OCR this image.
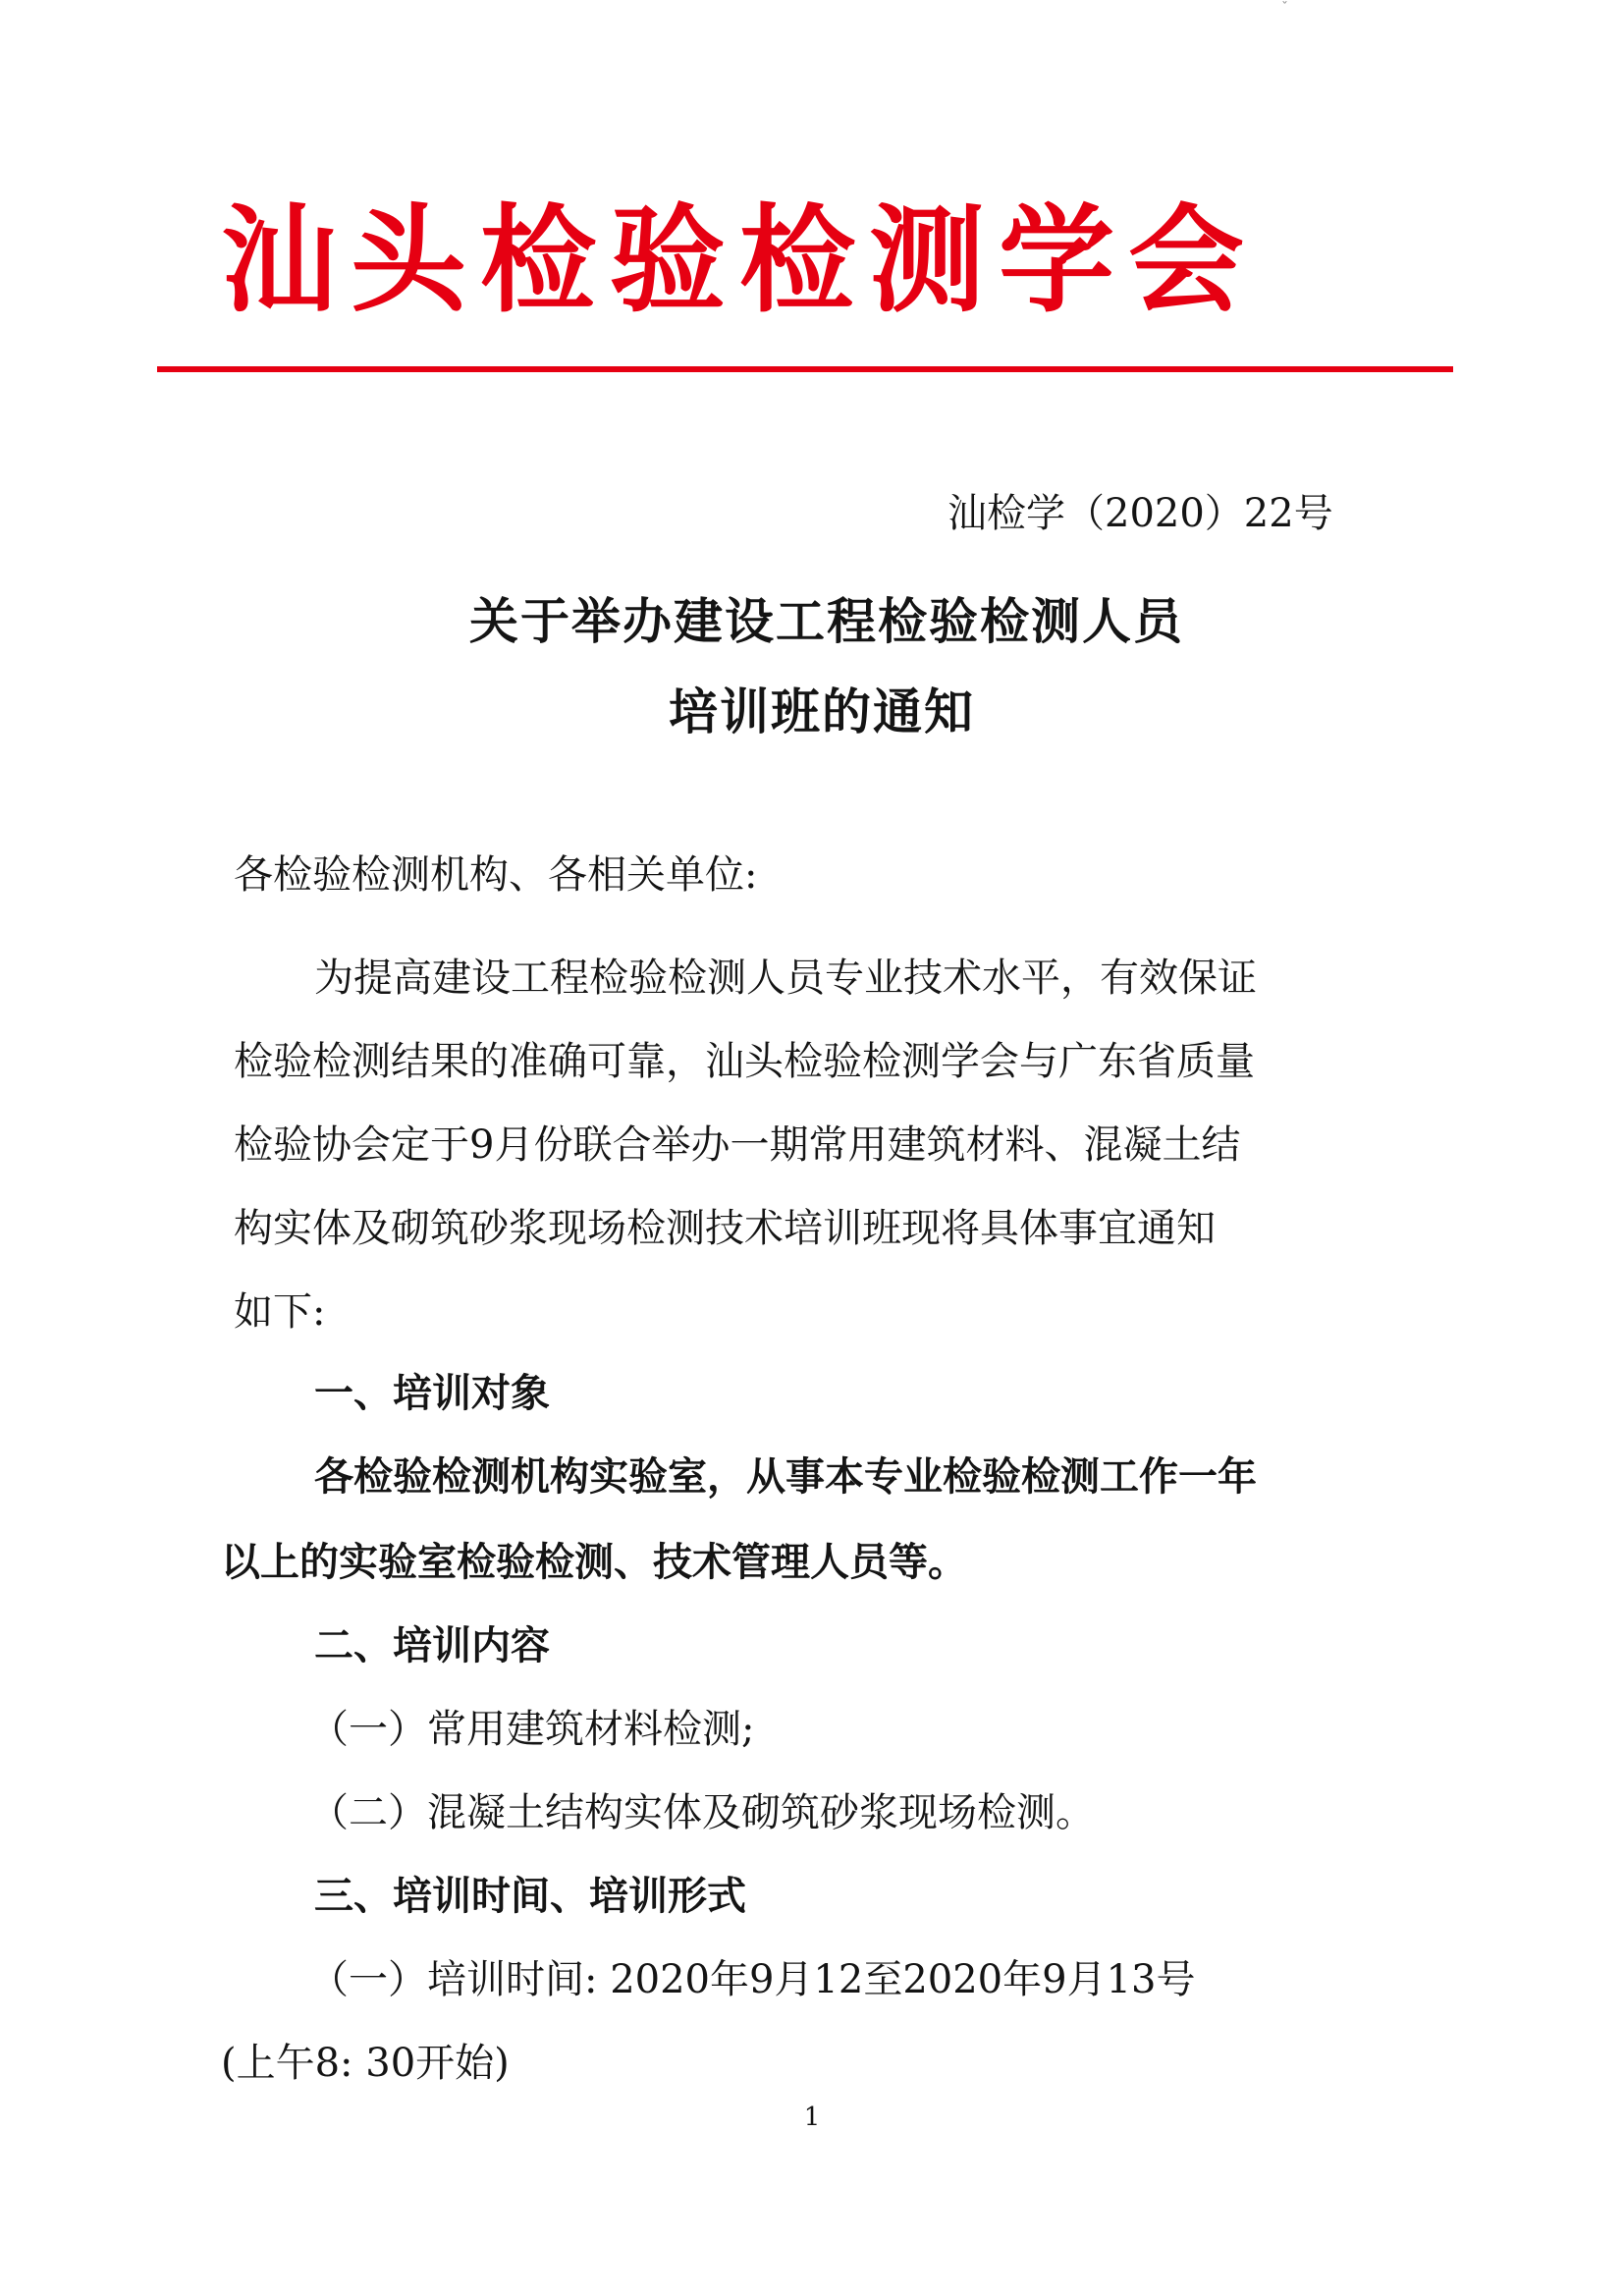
ˇ
汕头检验检测学会
汕检学（2020）22号
关于举办建设工程检验检测人员
培训班的通知
各检验检测机构、各相关单位:
为提高建设工程检验检测人员专业技术水平，有效保证
检验检测结果的准确可靠，汕头检验检测学会与广东省质量
检验协会定于9月份联合举办一期常用建筑材料、混凝土结
构实体及砌筑砂浆现场检测技术培训班现将具体事宜通知
如下:
一、培训对象
各检验检测机构实验室，从事本专业检验检测工作一年
以上的实验室检验检测、技术管理人员等。
二、培训内容
（一）常用建筑材料检测;
（二）混凝土结构实体及砌筑砂浆现场检测。
三、培训时间、培训形式
（一）培训时间: 2020年9月12至2020年9月13号
(上午8: 30开始)
1
